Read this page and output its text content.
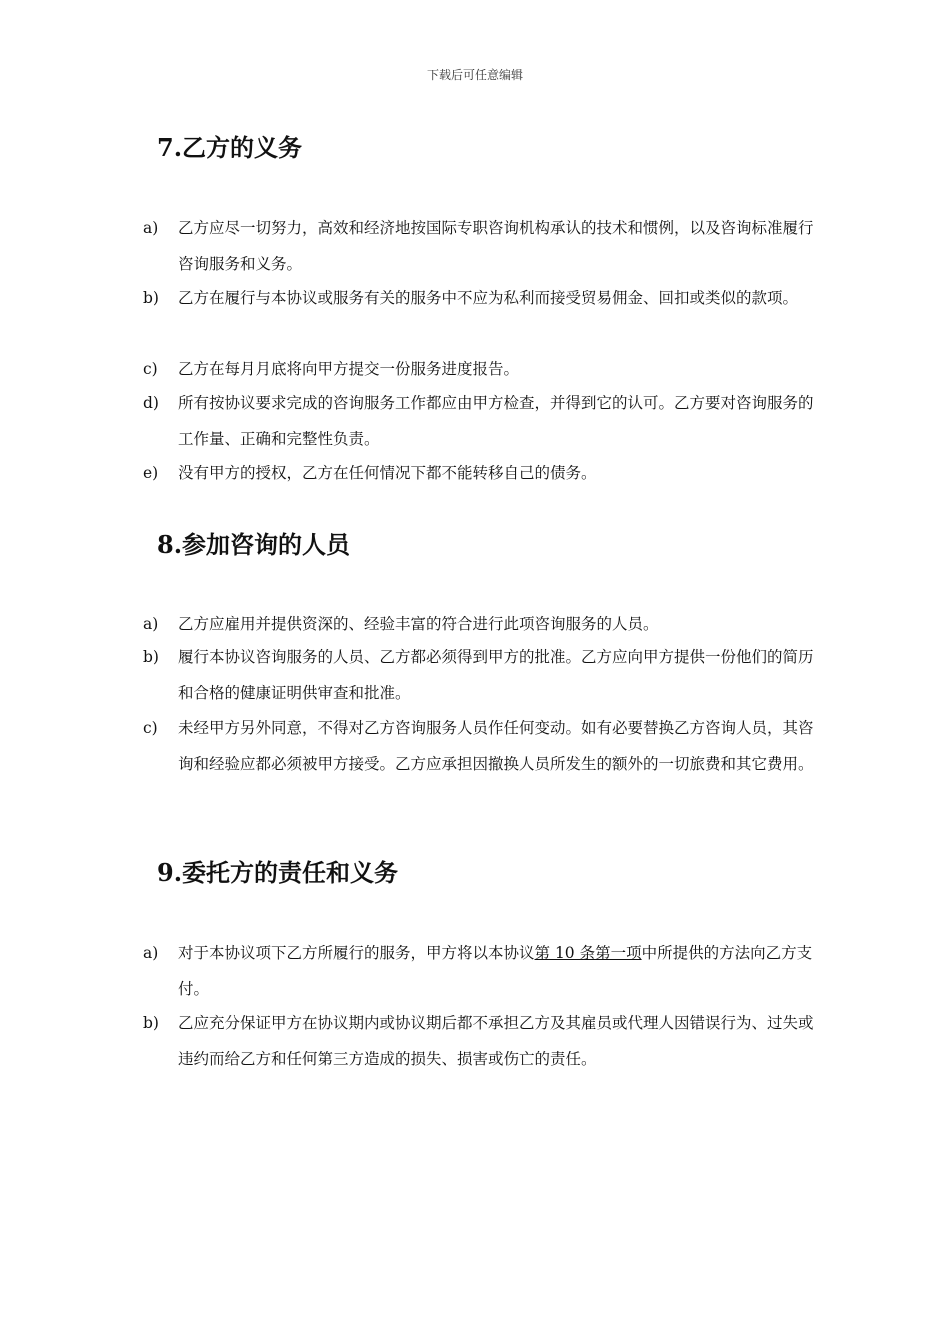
下载后可任意编辑
7.乙方的义务
a)	乙方应尽一切努力，高效和经济地按国际专职咨询机构承认的技术和惯例，以及咨询标准履行咨询服务和义务。
b)	乙方在履行与本协议或服务有关的服务中不应为私利而接受贸易佣金、回扣或类似的款项。
c)	乙方在每月月底将向甲方提交一份服务进度报告。
d)	所有按协议要求完成的咨询服务工作都应由甲方检查，并得到它的认可。乙方要对咨询服务的工作量、正确和完整性负责。
e)	没有甲方的授权，乙方在任何情况下都不能转移自己的债务。
8.参加咨询的人员
a)	乙方应雇用并提供资深的、经验丰富的符合进行此项咨询服务的人员。
b)	履行本协议咨询服务的人员、乙方都必须得到甲方的批准。乙方应向甲方提供一份他们的简历和合格的健康证明供审查和批准。
c)	未经甲方另外同意，不得对乙方咨询服务人员作任何变动。如有必要替换乙方咨询人员，其咨询和经验应都必须被甲方接受。乙方应承担因撤换人员所发生的额外的一切旅费和其它费用。
9.委托方的责任和义务
a)	对于本协议项下乙方所履行的服务，甲方将以本协议第 10 条第一项中所提供的方法向乙方支付。
b)	乙应充分保证甲方在协议期内或协议期后都不承担乙方及其雇员或代理人因错误行为、过失或违约而给乙方和任何第三方造成的损失、损害或伤亡的责任。
